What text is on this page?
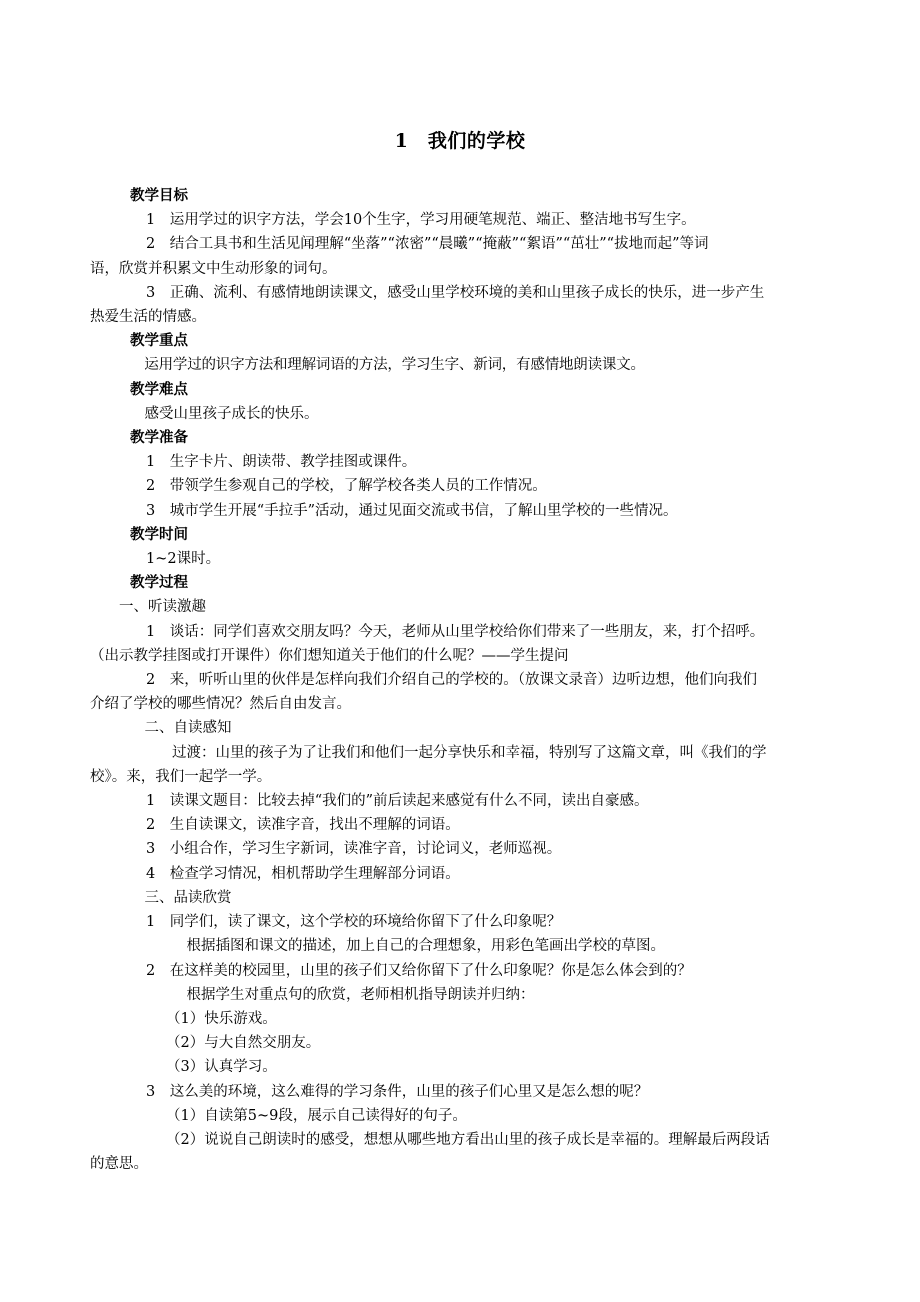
1　我们的学校

教学目标

1　运用学过的识字方法，学会10个生字，学习用硬笔规范、端正、整洁地书写生字。

2　结合工具书和生活见闻理解“坐落”“浓密”“晨曦”“掩蔽”“絮语”“茁壮”“拔地而起”等词

语，欣赏并积累文中生动形象的词句。

3　正确、流利、有感情地朗读课文，感受山里学校环境的美和山里孩子成长的快乐，进一步产生

热爱生活的情感。

教学重点

　运用学过的识字方法和理解词语的方法，学习生字、新词，有感情地朗读课文。

教学难点

　感受山里孩子成长的快乐。

教学准备

1　生字卡片、朗读带、教学挂图或课件。

2　带领学生参观自己的学校，了解学校各类人员的工作情况。

3　城市学生开展“手拉手”活动，通过见面交流或书信，了解山里学校的一些情况。

教学时间

1~2课时。

教学过程

　　一、听读激趣

1　谈话：同学们喜欢交朋友吗？今天，老师从山里学校给你们带来了一些朋友，来，打个招呼。

（出示教学挂图或打开课件）你们想知道关于他们的什么呢？——学生提问

2　来，听听山里的伙伴是怎样向我们介绍自己的学校的。（放课文录音）边听边想，他们向我们

介绍了学校的哪些情况？然后自由发言。

　二、自读感知

过渡：山里的孩子为了让我们和他们一起分享快乐和幸福，特别写了这篇文章，叫《我们的学

校》。来，我们一起学一学。

1　读课文题目：比较去掉“我们的”前后读起来感觉有什么不同，读出自豪感。

2　生自读课文，读准字音，找出不理解的词语。

3　小组合作，学习生字新词，读准字音，讨论词义，老师巡视。

4　检查学习情况，相机帮助学生理解部分词语。

　三、品读欣赏

1　同学们，读了课文，这个学校的环境给你留下了什么印象呢？

　根据插图和课文的描述，加上自己的合理想象，用彩色笔画出学校的草图。

2　在这样美的校园里，山里的孩子们又给你留下了什么印象呢？你是怎么体会到的？

　根据学生对重点句的欣赏，老师相机指导朗读并归纳：

（1）快乐游戏。

（2）与大自然交朋友。

（3）认真学习。

3　这么美的环境，这么难得的学习条件，山里的孩子们心里又是怎么想的呢？

（1）自读第5~9段，展示自己读得好的句子。

（2）说说自己朗读时的感受，想想从哪些地方看出山里的孩子成长是幸福的。理解最后两段话

的意思。
